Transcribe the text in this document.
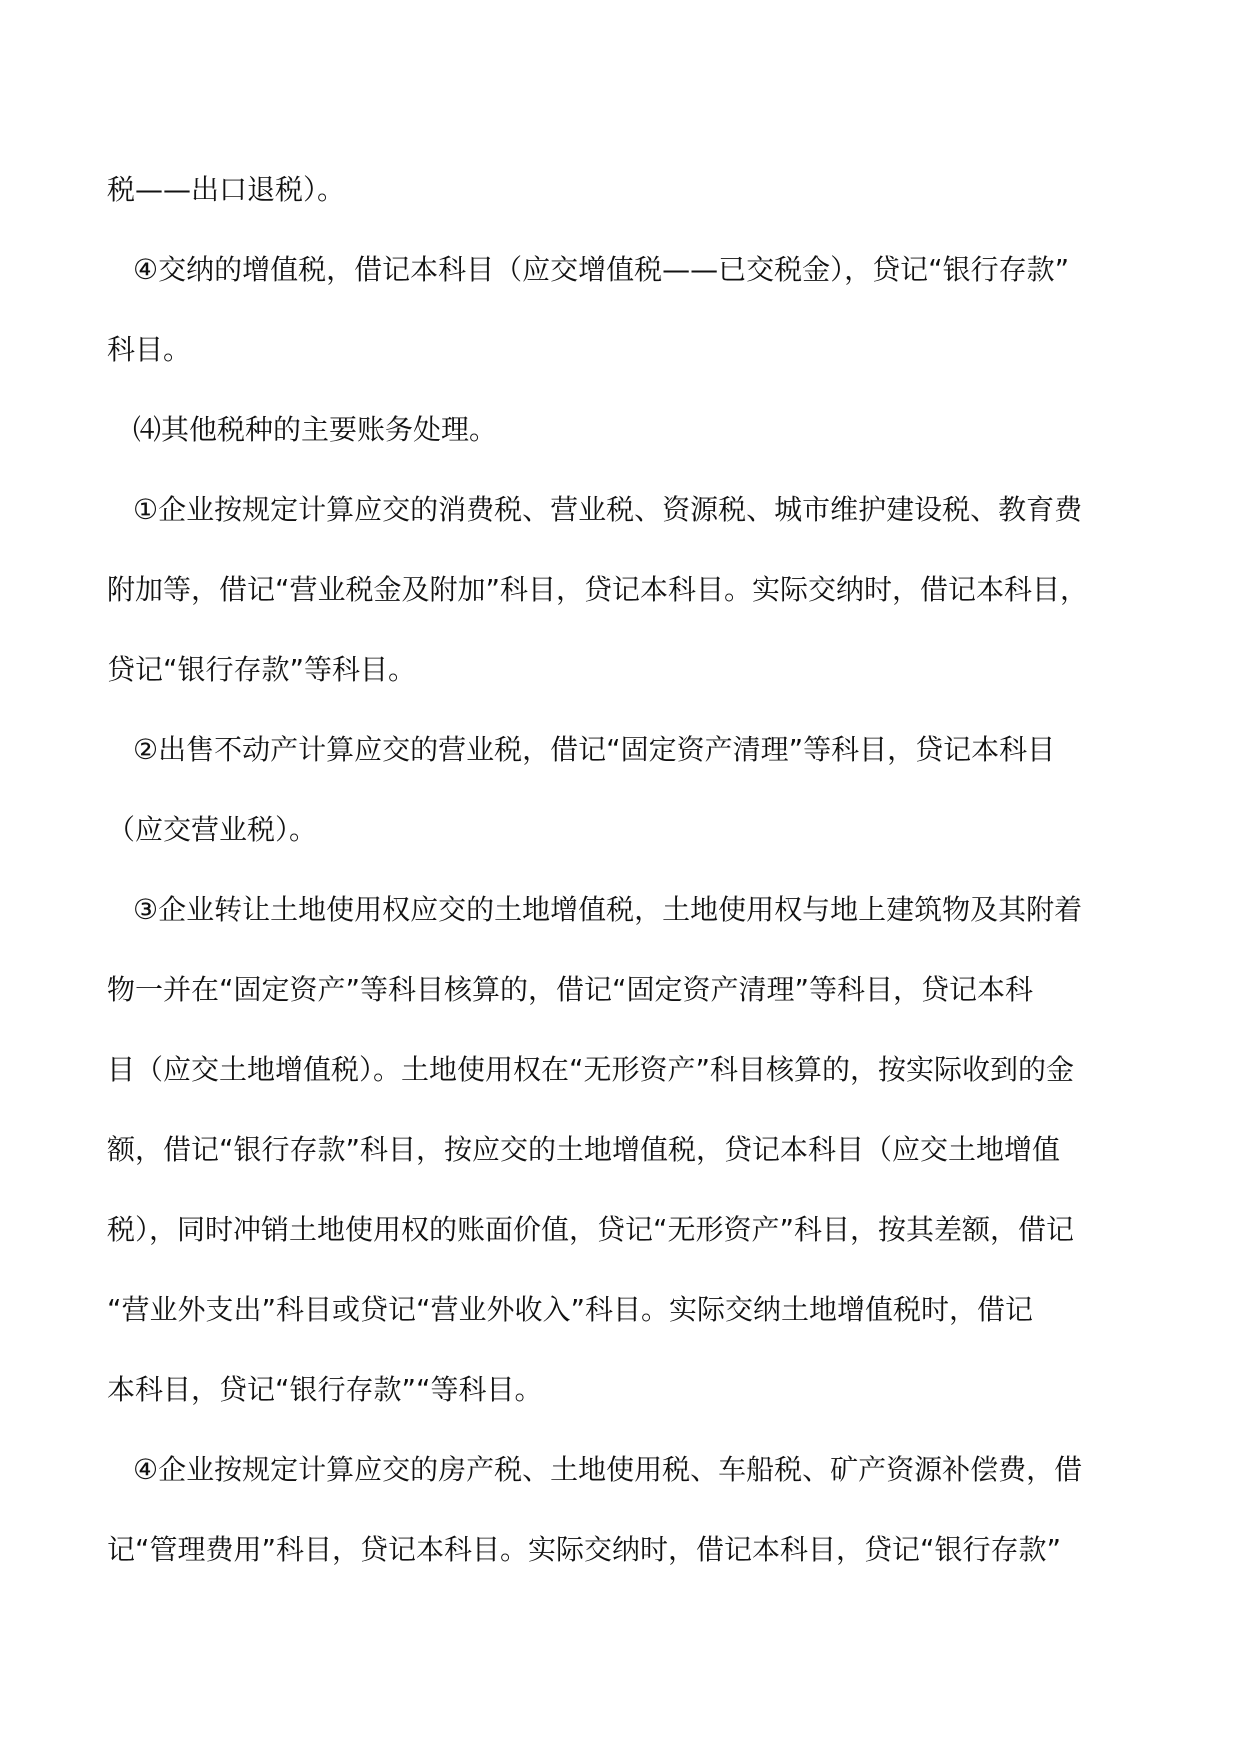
税——出口退税）。
④交纳的增值税，借记本科目（应交增值税——已交税金），贷记“银行存款”
科目。
⑷其他税种的主要账务处理。
①企业按规定计算应交的消费税、营业税、资源税、城市维护建设税、教育费
附加等，借记“营业税金及附加”科目，贷记本科目。实际交纳时，借记本科目，
贷记“银行存款”等科目。
②出售不动产计算应交的营业税，借记“固定资产清理”等科目，贷记本科目
（应交营业税）。
③企业转让土地使用权应交的土地增值税，土地使用权与地上建筑物及其附着
物一并在“固定资产”等科目核算的，借记“固定资产清理”等科目，贷记本科
目（应交土地增值税）。土地使用权在“无形资产”科目核算的，按实际收到的金
额，借记“银行存款”科目，按应交的土地增值税，贷记本科目（应交土地增值
税），同时冲销土地使用权的账面价值，贷记“无形资产”科目，按其差额，借记
“营业外支出”科目或贷记“营业外收入”科目。实际交纳土地增值税时，借记
本科目，贷记“银行存款”“等科目。
④企业按规定计算应交的房产税、土地使用税、车船税、矿产资源补偿费，借
记“管理费用”科目，贷记本科目。实际交纳时，借记本科目，贷记“银行存款”
